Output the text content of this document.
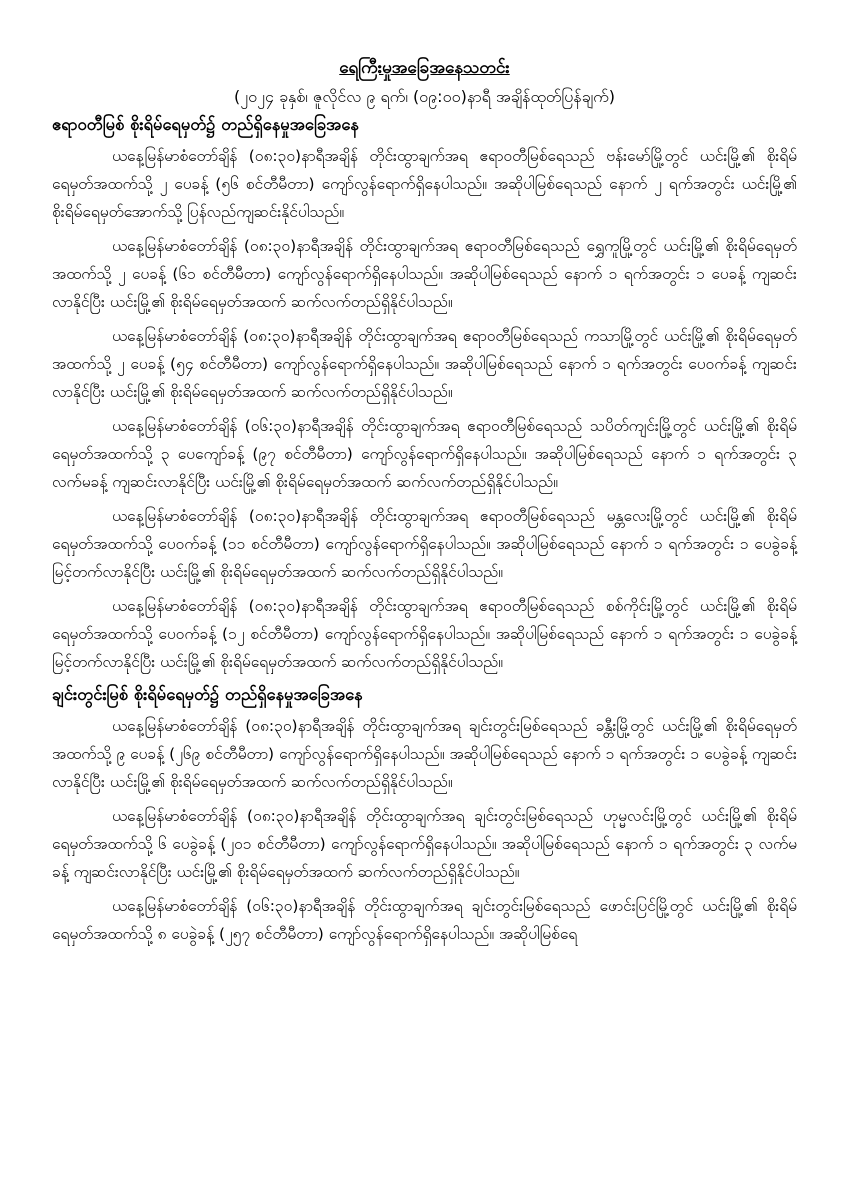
ရေကြီးမှုအခြေအနေသတင်း
(၂၀၂၄ ခုနှစ်၊ ဇူလိုင်လ ၉ ရက်၊ (၀၉:၀၀)နာရီ အချိန်ထုတ်ပြန်ချက်)
ဧရာဝတီမြစ် စိုးရိမ်ရေမှတ်၌ တည်ရှိနေမှုအခြေအနေ

ယနေ့မြန်မာစံတော်ချိန် (၀၈:၃၀)နာရီအချိန် တိုင်းထွာချက်အရ ဧရာဝတီမြစ်ရေသည် ဗန်းမော်မြို့တွင် ယင်းမြို့၏ စိုးရိမ်ရေမှတ်အထက်သို့ ၂ ပေခန့် (၅၆ စင်တီမီတာ) ကျော်လွန်ရောက်ရှိနေပါသည်။ အဆိုပါမြစ်ရေသည် နောက် ၂ ရက်အတွင်း ယင်းမြို့၏ စိုးရိမ်ရေမှတ်အောက်သို့ ပြန်လည်ကျဆင်းနိုင်ပါသည်။

ယနေ့မြန်မာစံတော်ချိန် (၀၈:၃၀)နာရီအချိန် တိုင်းထွာချက်အရ ဧရာဝတီမြစ်ရေသည် ရွှေကူမြို့တွင် ယင်းမြို့၏ စိုးရိမ်ရေမှတ်အထက်သို့ ၂ ပေခန့် (၆၁ စင်တီမီတာ) ကျော်လွန်ရောက်ရှိနေပါသည်။ အဆိုပါမြစ်ရေသည် နောက် ၁ ရက်အတွင်း ၁ ပေခန့် ကျဆင်းလာနိုင်ပြီး ယင်းမြို့၏ စိုးရိမ်ရေမှတ်အထက် ဆက်လက်တည်ရှိနိုင်ပါသည်။

ယနေ့မြန်မာစံတော်ချိန် (၀၈:၃၀)နာရီအချိန် တိုင်းထွာချက်အရ ဧရာဝတီမြစ်ရေသည် ကသာမြို့တွင် ယင်းမြို့၏ စိုးရိမ်ရေမှတ်အထက်သို့ ၂ ပေခန့် (၅၄ စင်တီမီတာ) ကျော်လွန်ရောက်ရှိနေပါသည်။ အဆိုပါမြစ်ရေသည် နောက် ၁ ရက်အတွင်း ပေဝက်ခန့် ကျဆင်းလာနိုင်ပြီး ယင်းမြို့၏ စိုးရိမ်ရေမှတ်အထက် ဆက်လက်တည်ရှိနိုင်ပါသည်။

ယနေ့မြန်မာစံတော်ချိန် (၀၆:၃၀)နာရီအချိန် တိုင်းထွာချက်အရ ဧရာဝတီမြစ်ရေသည် သပိတ်ကျင်းမြို့တွင် ယင်းမြို့၏ စိုးရိမ်ရေမှတ်အထက်သို့ ၃ ပေကျော်ခန့် (၉၇ စင်တီမီတာ) ကျော်လွန်ရောက်ရှိနေပါသည်။ အဆိုပါမြစ်ရေသည် နောက် ၁ ရက်အတွင်း ၃ လက်မခန့် ကျဆင်းလာနိုင်ပြီး ယင်းမြို့၏ စိုးရိမ်ရေမှတ်အထက် ဆက်လက်တည်ရှိနိုင်ပါသည်။

ယနေ့မြန်မာစံတော်ချိန် (၀၈:၃၀)နာရီအချိန် တိုင်းထွာချက်အရ ဧရာဝတီမြစ်ရေသည် မန္တလေးမြို့တွင် ယင်းမြို့၏ စိုးရိမ်ရေမှတ်အထက်သို့ ပေဝက်ခန့် (၁၁ စင်တီမီတာ) ကျော်လွန်ရောက်ရှိနေပါသည်။ အဆိုပါမြစ်ရေသည် နောက် ၁ ရက်အတွင်း ၁ ပေခွဲခန့် မြင့်တက်လာနိုင်ပြီး ယင်းမြို့၏ စိုးရိမ်ရေမှတ်အထက် ဆက်လက်တည်ရှိနိုင်ပါသည်။

ယနေ့မြန်မာစံတော်ချိန် (၀၈:၃၀)နာရီအချိန် တိုင်းထွာချက်အရ ဧရာဝတီမြစ်ရေသည် စစ်ကိုင်းမြို့တွင် ယင်းမြို့၏ စိုးရိမ်ရေမှတ်အထက်သို့ ပေဝက်ခန့် (၁၂ စင်တီမီတာ) ကျော်လွန်ရောက်ရှိနေပါသည်။ အဆိုပါမြစ်ရေသည် နောက် ၁ ရက်အတွင်း ၁ ပေခွဲခန့် မြင့်တက်လာနိုင်ပြီး ယင်းမြို့၏ စိုးရိမ်ရေမှတ်အထက် ဆက်လက်တည်ရှိနိုင်ပါသည်။

ချင်းတွင်းမြစ် စိုးရိမ်ရေမှတ်၌ တည်ရှိနေမှုအခြေအနေ

ယနေ့မြန်မာစံတော်ချိန် (၀၈:၃၀)နာရီအချိန် တိုင်းထွာချက်အရ ချင်းတွင်းမြစ်ရေသည် ခန္တီးမြို့တွင် ယင်းမြို့၏ စိုးရိမ်ရေမှတ်အထက်သို့ ၉ ပေခန့် (၂၆၉ စင်တီမီတာ) ကျော်လွန်ရောက်ရှိနေပါသည်။ အဆိုပါမြစ်ရေသည် နောက် ၁ ရက်အတွင်း ၁ ပေခွဲခန့် ကျဆင်းလာနိုင်ပြီး ယင်းမြို့၏ စိုးရိမ်ရေမှတ်အထက် ဆက်လက်တည်ရှိနိုင်ပါသည်။

ယနေ့မြန်မာစံတော်ချိန် (၀၈:၃၀)နာရီအချိန် တိုင်းထွာချက်အရ ချင်းတွင်းမြစ်ရေသည် ဟုမ္မလင်းမြို့တွင် ယင်းမြို့၏ စိုးရိမ်ရေမှတ်အထက်သို့ ၆ ပေခွဲခန့် (၂၀၁ စင်တီမီတာ) ကျော်လွန်ရောက်ရှိနေပါသည်။ အဆိုပါမြစ်ရေသည် နောက် ၁ ရက်အတွင်း ၃ လက်မခန့် ကျဆင်းလာနိုင်ပြီး ယင်းမြို့၏ စိုးရိမ်ရေမှတ်အထက် ဆက်လက်တည်ရှိနိုင်ပါသည်။

ယနေ့မြန်မာစံတော်ချိန် (၀၆:၃၀)နာရီအချိန် တိုင်းထွာချက်အရ ချင်းတွင်းမြစ်ရေသည် ဖောင်းပြင်မြို့တွင် ယင်းမြို့၏ စိုးရိမ်ရေမှတ်အထက်သို့ ၈ ပေခွဲခန့် (၂၅၇ စင်တီမီတာ) ကျော်လွန်ရောက်ရှိနေပါသည်။ အဆိုပါမြစ်ရေ
